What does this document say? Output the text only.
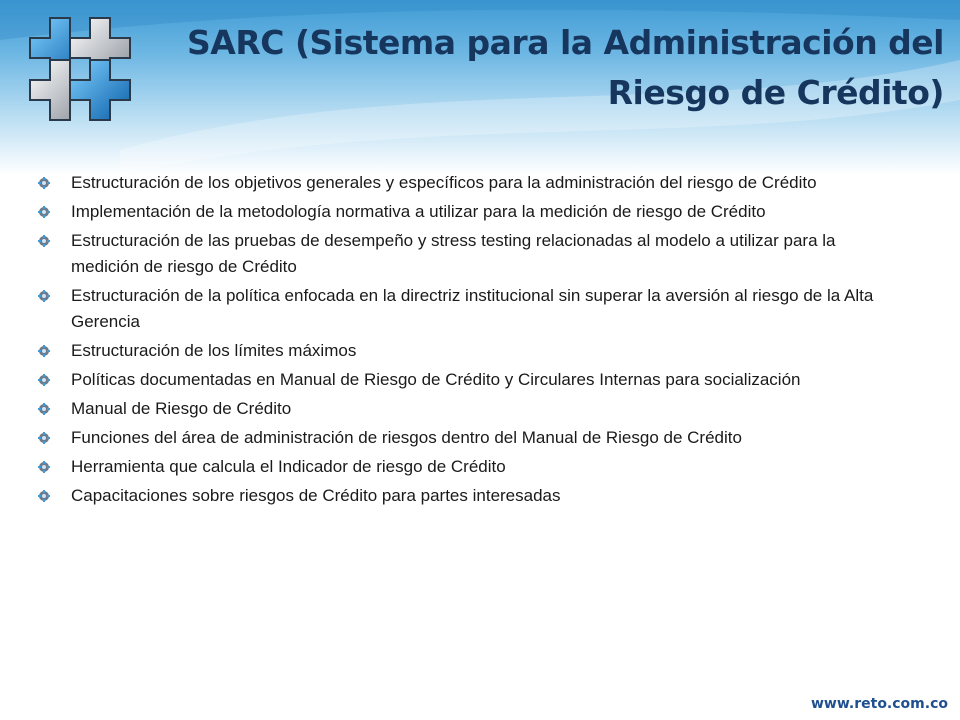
SARC (Sistema para la Administración del Riesgo de Crédito)
Estructuración de los objetivos generales y específicos para la administración del riesgo de Crédito
Implementación de la metodología normativa a utilizar para la medición de riesgo de Crédito
Estructuración de las pruebas de desempeño y stress testing relacionadas al modelo a utilizar para la medición de riesgo de Crédito
Estructuración de la política enfocada en la directriz institucional sin superar la aversión al riesgo de la Alta Gerencia
Estructuración de los límites máximos
Políticas documentadas en Manual de Riesgo de Crédito y Circulares Internas para socialización
Manual de Riesgo de Crédito
Funciones del área de administración de riesgos dentro del Manual de Riesgo de Crédito
Herramienta que calcula el Indicador de riesgo de Crédito
Capacitaciones sobre riesgos de Crédito para partes interesadas
www.reto.com.co
